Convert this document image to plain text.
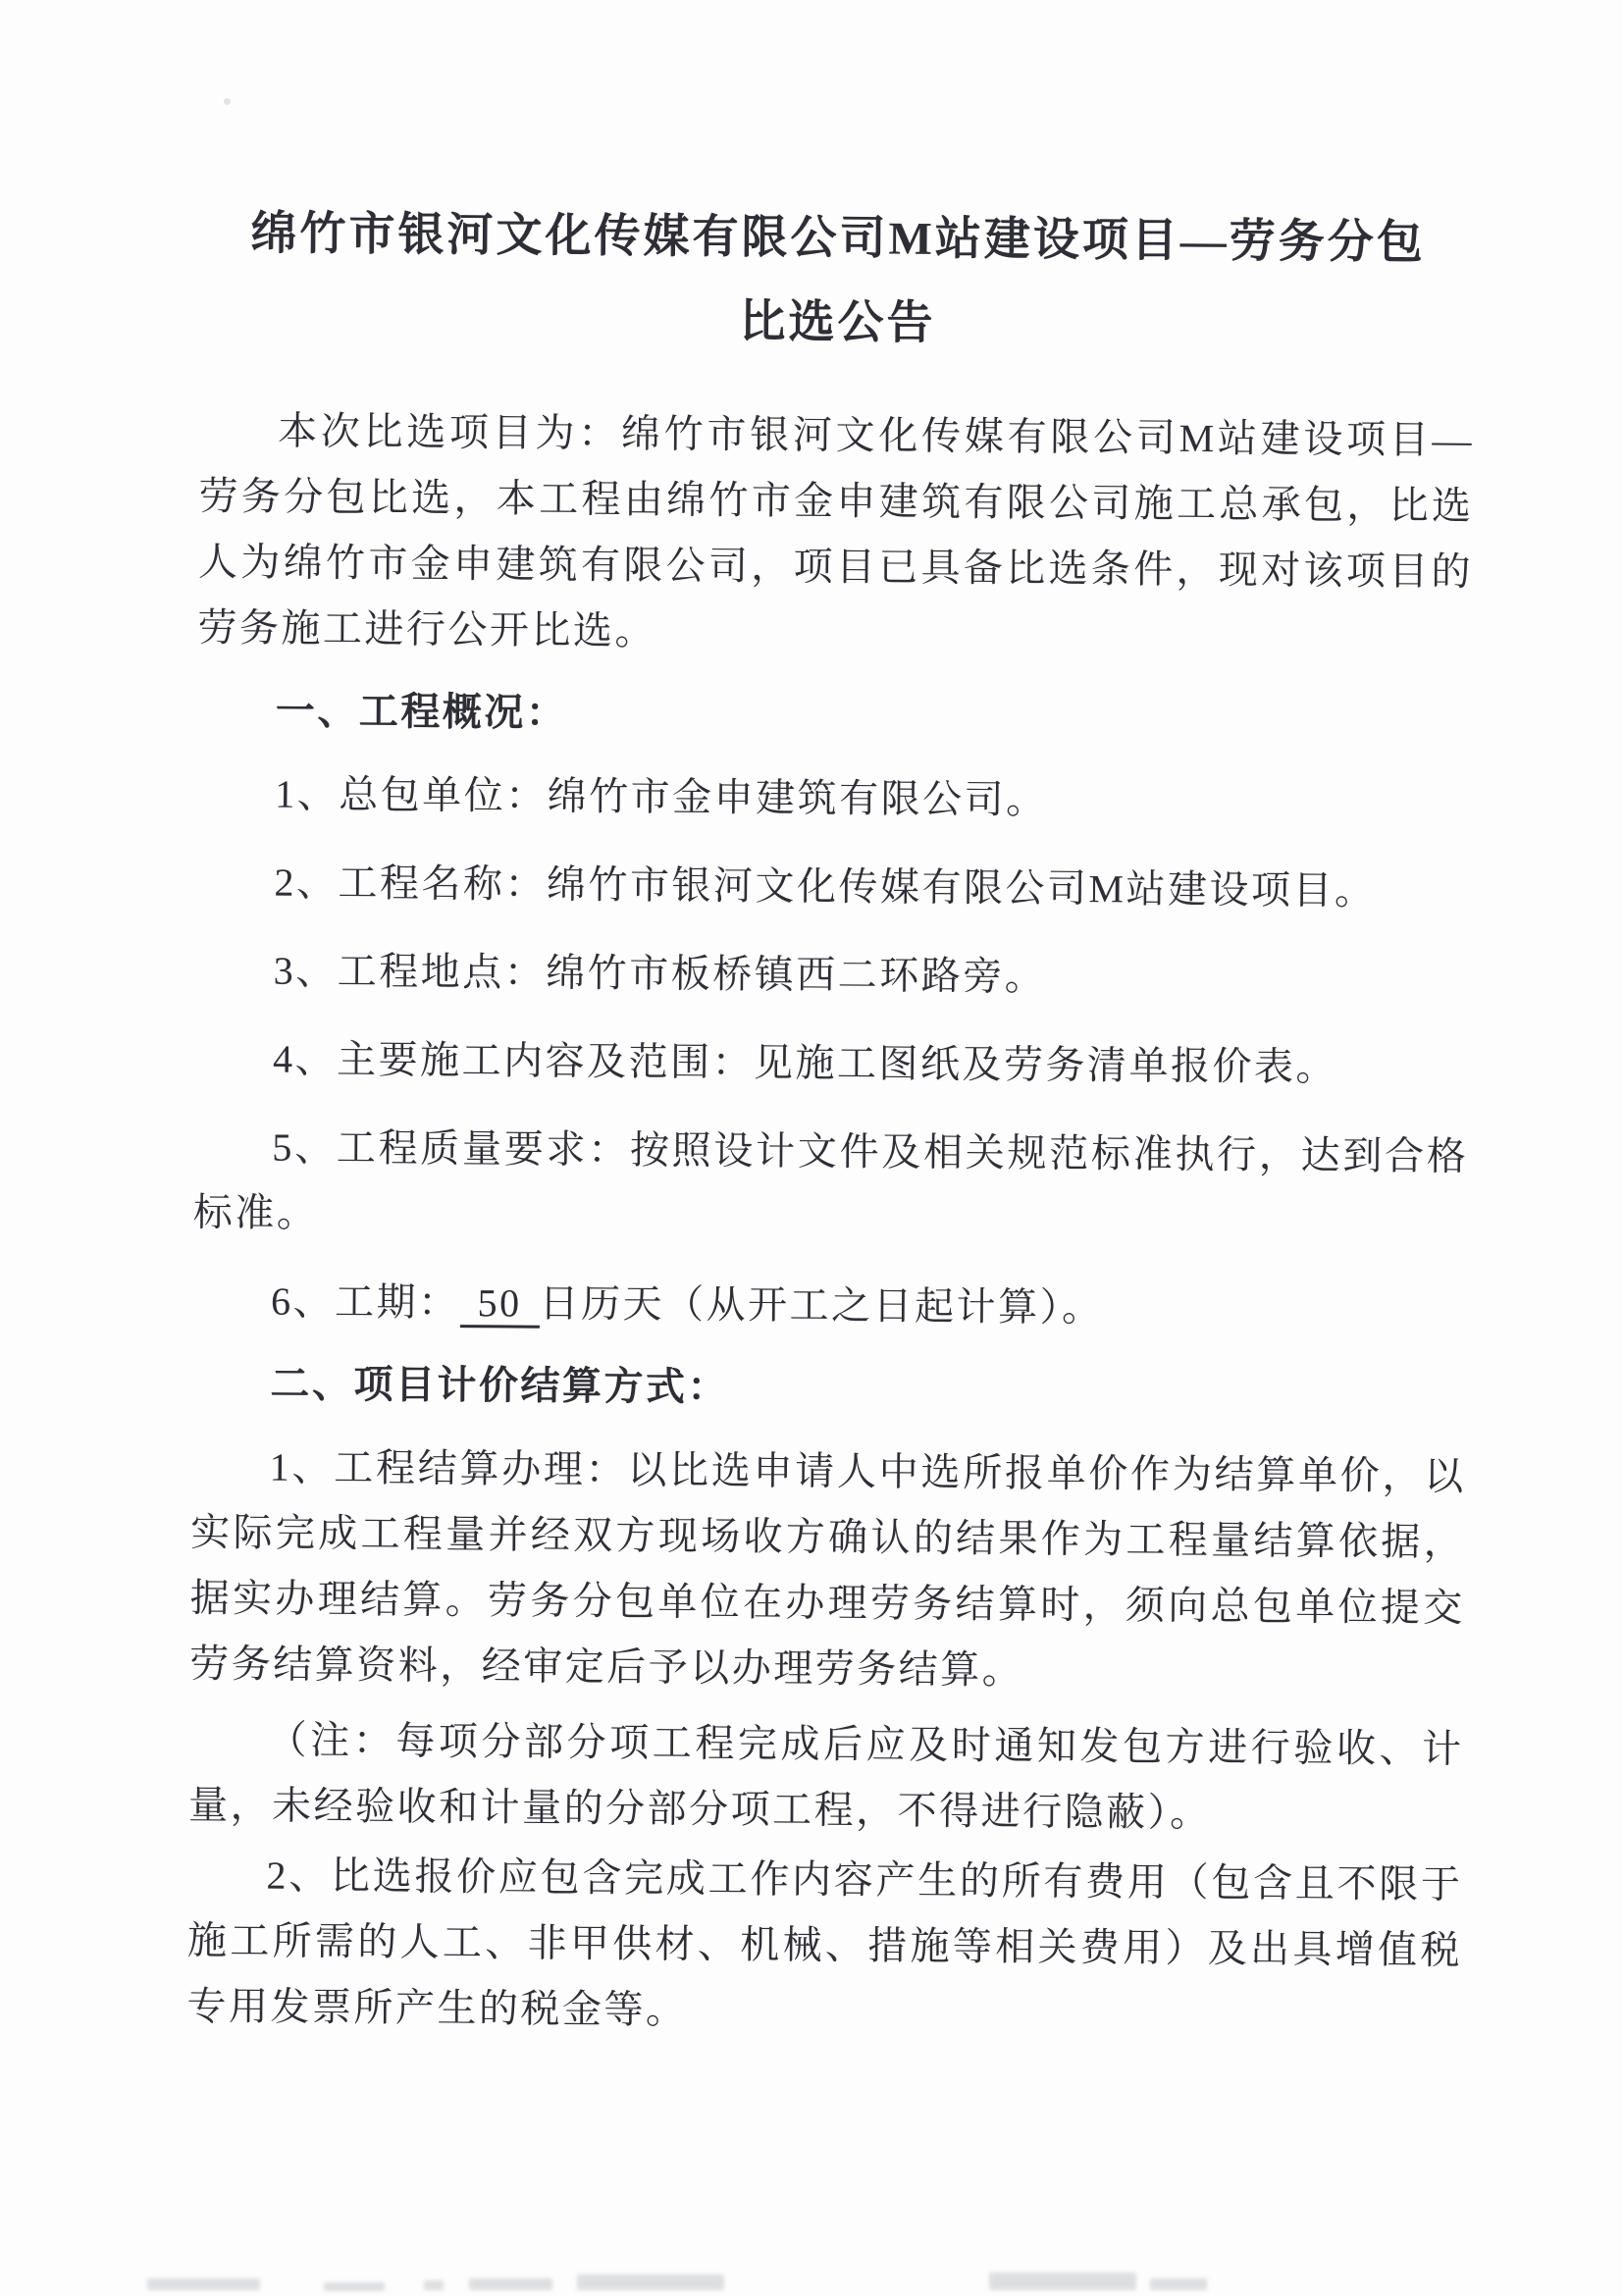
绵竹市银河文化传媒有限公司M站建设项目—劳务分包
比选公告

本次比选项目为：绵竹市银河文化传媒有限公司M站建设项目—劳务分包比选，本工程由绵竹市金申建筑有限公司施工总承包，比选人为绵竹市金申建筑有限公司，项目已具备比选条件，现对该项目的劳务施工进行公开比选。

一、工程概况：

1、总包单位：绵竹市金申建筑有限公司。

2、工程名称：绵竹市银河文化传媒有限公司M站建设项目。

3、工程地点：绵竹市板桥镇西二环路旁。

4、主要施工内容及范围：见施工图纸及劳务清单报价表。

5、工程质量要求：按照设计文件及相关规范标准执行，达到合格标准。

6、工期： 50 日历天（从开工之日起计算）。

二、项目计价结算方式：

1、工程结算办理：以比选申请人中选所报单价作为结算单价，以实际完成工程量并经双方现场收方确认的结果作为工程量结算依据，据实办理结算。劳务分包单位在办理劳务结算时，须向总包单位提交劳务结算资料，经审定后予以办理劳务结算。

（注：每项分部分项工程完成后应及时通知发包方进行验收、计量，未经验收和计量的分部分项工程，不得进行隐蔽）。

2、比选报价应包含完成工作内容产生的所有费用（包含且不限于施工所需的人工、非甲供材、机械、措施等相关费用）及出具增值税专用发票所产生的税金等。
